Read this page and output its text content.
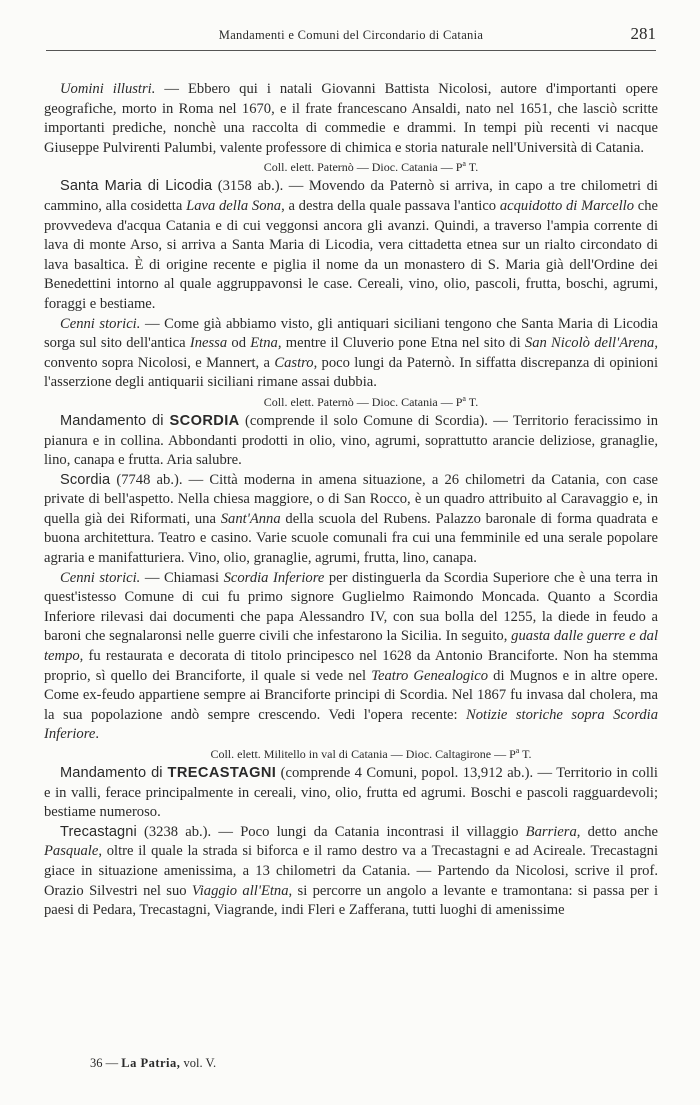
Mandamenti e Comuni del Circondario di Catania	281

Uomini illustri. — Ebbero qui i natali Giovanni Battista Nicolosi, autore d'importanti opere geografiche, morto in Roma nel 1670, e il frate francescano Ansaldi, nato nel 1651, che lasciò scritte importanti prediche, nonchè una raccolta di commedie e drammi. In tempi più recenti vi nacque Giuseppe Pulvirenti Palumbi, valente professore di chimica e storia naturale nell'Università di Catania.

Coll. elett. Paternò — Dioc. Catania — $P^a$ T.

Santa Maria di Licodia (3158 ab.). — Movendo da Paternò si arriva, in capo a tre chilometri di cammino, alla cosidetta Lava della Sona, a destra della quale passava l'antico acquidotto di Marcello che provvedeva d'acqua Catania e di cui veggonsi ancora gli avanzi. Quindi, a traverso l'ampia corrente di lava di monte Arso, si arriva a Santa Maria di Licodia, vera cittadetta etnea sur un rialto circondato di lava basaltica. È di origine recente e piglia il nome da un monastero di S. Maria già dell'Ordine dei Benedettini intorno al quale aggruppavonsi le case. Cereali, vino, olio, pascoli, frutta, boschi, agrumi, foraggi e bestiame.

Cenni storici. — Come già abbiamo visto, gli antiquari siciliani tengono che Santa Maria di Licodia sorga sul sito dell'antica Inessa od Etna, mentre il Cluverio pone Etna nel sito di San Nicolò dell'Arena, convento sopra Nicolosi, e Mannert, a Castro, poco lungi da Paternò. In siffatta discrepanza di opinioni l'asserzione degli antiquarii siciliani rimane assai dubbia.

Coll. elett. Paternò — Dioc. Catania — $P^a$ T.

Mandamento di SCORDIA (comprende il solo Comune di Scordia). — Territorio feracissimo in pianura e in collina. Abbondanti prodotti in olio, vino, agrumi, soprattutto arancie deliziose, granaglie, lino, canapa e frutta. Aria salubre.

Scordia (7748 ab.). — Città moderna in amena situazione, a 26 chilometri da Catania, con case private di bell'aspetto. Nella chiesa maggiore, o di San Rocco, è un quadro attribuito al Caravaggio e, in quella già dei Riformati, una Sant'Anna della scuola del Rubens. Palazzo baronale di forma quadrata e buona architettura. Teatro e casino. Varie scuole comunali fra cui una femminile ed una serale popolare agraria e manifatturiera. Vino, olio, granaglie, agrumi, frutta, lino, canapa.

Cenni storici. — Chiamasi Scordia Inferiore per distinguerla da Scordia Superiore che è una terra in quest'istesso Comune di cui fu primo signore Guglielmo Raimondo Moncada. Quanto a Scordia Inferiore rilevasi dai documenti che papa Alessandro IV, con sua bolla del 1255, la diede in feudo a baroni che segnalaronsi nelle guerre civili che infestarono la Sicilia. In seguito, guasta dalle guerre e dal tempo, fu restaurata e decorata di titolo principesco nel 1628 da Antonio Branciforte. Non ha stemma proprio, sì quello dei Branciforte, il quale si vede nel Teatro Genealogico di Mugnos e in altre opere. Come ex-feudo appartiene sempre ai Branciforte principi di Scordia. Nel 1867 fu invasa dal cholera, ma la sua popolazione andò sempre crescendo. Vedi l'opera recente: Notizie storiche sopra Scordia Inferiore.

Coll. elett. Militello in val di Catania — Dioc. Caltagirone — $P^a$ T.

Mandamento di TRECASTAGNI (comprende 4 Comuni, popol. 13,912 ab.). — Territorio in colli e in valli, ferace principalmente in cereali, vino, olio, frutta ed agrumi. Boschi e pascoli ragguardevoli; bestiame numeroso.

Trecastagni (3238 ab.). — Poco lungi da Catania incontrasi il villaggio Barriera, detto anche Pasquale, oltre il quale la strada si biforca e il ramo destro va a Trecastagni e ad Acireale. Trecastagni giace in situazione amenissima, a 13 chilometri da Catania. — Partendo da Nicolosi, scrive il prof. Orazio Silvestri nel suo Viaggio all'Etna, si percorre un angolo a levante e tramontana: si passa per i paesi di Pedara, Trecastagni, Viagrande, indi Fleri e Zafferana, tutti luoghi di amenissime

36 — La Patria, vol. V.
